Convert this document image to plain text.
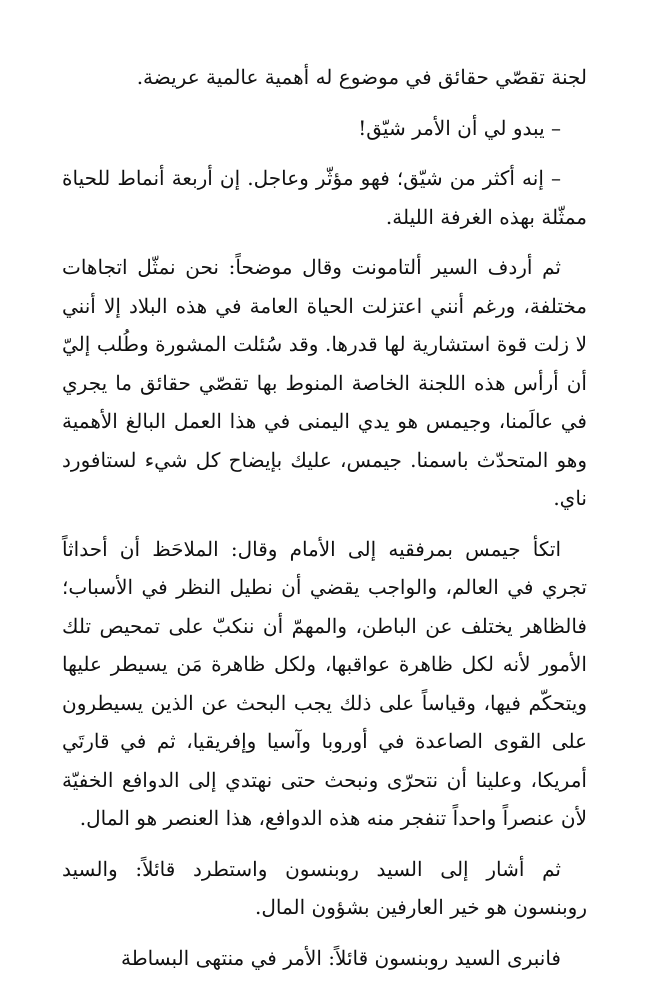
لجنة تقصّي حقائق في موضوع له أهمية عالمية عريضة.

– يبدو لي أن الأمر شيّق!

– إنه أكثر من شيّق؛ فهو مؤثّر وعاجل. إن أربعة أنماط للحياة ممثّلة بهذه الغرفة الليلة.

ثم أردف السير ألتامونت وقال موضحاً: نحن نمثّل اتجاهات مختلفة، ورغم أنني اعتزلت الحياة العامة في هذه البلاد إلا أنني لا زلت قوة استشارية لها قدرها. وقد سُئلت المشورة وطُلب إليّ أن أرأس هذه اللجنة الخاصة المنوط بها تقصّي حقائق ما يجري في عالَمنا، وجيمس هو يدي اليمنى في هذا العمل البالغ الأهمية وهو المتحدّث باسمنا. جيمس، عليك بإيضاح كل شيء لستافورد ناي.

اتكأ جيمس بمرفقيه إلى الأمام وقال: الملاحَظ أن أحداثاً تجري في العالم، والواجب يقضي أن نطيل النظر في الأسباب؛ فالظاهر يختلف عن الباطن، والمهمّ أن ننكبّ على تمحيص تلك الأمور لأنه لكل ظاهرة عواقبها، ولكل ظاهرة مَن يسيطر عليها ويتحكّم فيها، وقياساً على ذلك يجب البحث عن الذين يسيطرون على القوى الصاعدة في أوروبا وآسيا وإفريقيا، ثم في قارتَي أمريكا، وعلينا أن نتحرّى ونبحث حتى نهتدي إلى الدوافع الخفيّة لأن عنصراً واحداً تنفجر منه هذه الدوافع، هذا العنصر هو المال.

ثم أشار إلى السيد روبنسون واستطرد قائلاً: والسيد روبنسون هو خير العارفين بشؤون المال.

فانبرى السيد روبنسون قائلاً: الأمر في منتهى البساطة
